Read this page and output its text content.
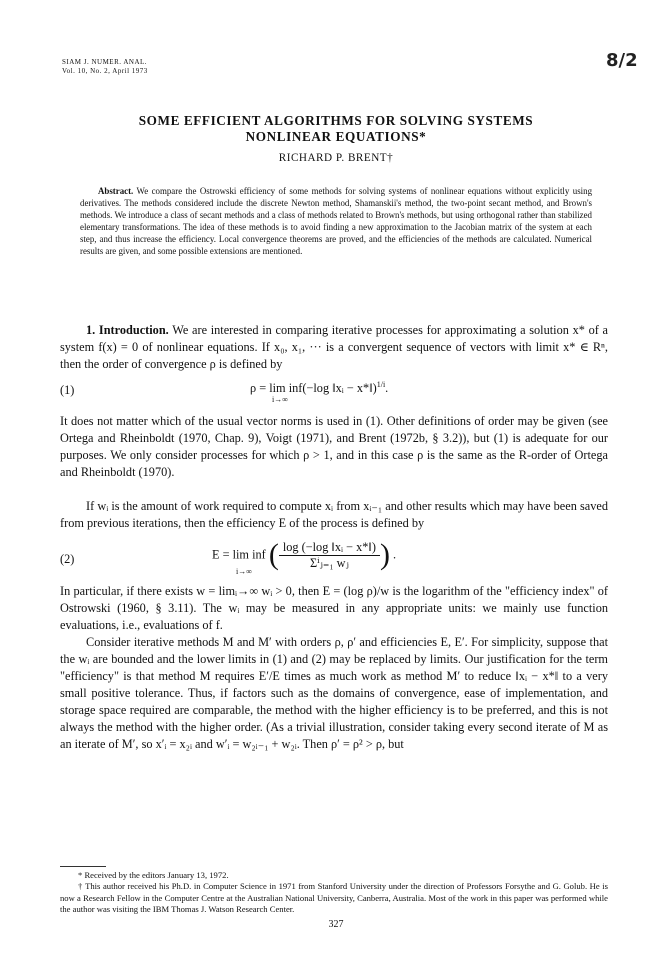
SIAM J. NUMER. ANAL.
Vol. 10, No. 2, April 1973	8/2
SOME EFFICIENT ALGORITHMS FOR SOLVING SYSTEMS
NONLINEAR EQUATIONS*
RICHARD P. BRENT†

Abstract. We compare the Ostrowski efficiency of some methods for solving systems of nonlinear equations without explicitly using derivatives. The methods considered include the discrete Newton method, Shamanskii's method, the two-point secant method, and Brown's methods. We introduce a class of secant methods and a class of methods related to Brown's methods, but using orthogonal rather than stabilized elementary transformations. The idea of these methods is to avoid finding a new approximation to the Jacobian matrix of the system at each step, and thus increase the efficiency. Local convergence theorems are proved, and the efficiencies of the methods are calculated. Numerical results are given, and some possible extensions are mentioned.

1. Introduction. We are interested in comparing iterative processes for approximating a solution x* of a system f(x) = 0 of nonlinear equations. If x₀, x₁, ··· is a convergent sequence of vectors with limit x* ∈ Rⁿ, then the order of convergence ρ is defined by

(1)	ρ = lim inf(−log ‖xᵢ − x*‖)$^{1/i}$.
i→∞

It does not matter which of the usual vector norms is used in (1). Other definitions of order may be given (see Ortega and Rheinboldt (1970, Chap. 9), Voigt (1971), and Brent (1972b, § 3.2)), but (1) is adequate for our purposes. We only consider processes for which ρ > 1, and in this case ρ is the same as the R-order of Ortega and Rheinboldt (1970).

If wᵢ is the amount of work required to compute xᵢ from xᵢ₋₁ and other results which may have been saved from previous iterations, then the efficiency E of the process is defined by

(2)	E = lim inf ( $\frac{\text{log (−log ‖xᵢ − x*‖)}}{\text{Σⁱⱼ₌₁ wⱼ}}$ ) .
i→∞

In particular, if there exists w = limᵢ→∞ wᵢ > 0, then E = (log ρ)/w is the logarithm of the "efficiency index" of Ostrowski (1960, § 3.11). The wᵢ may be measured in any appropriate units: we mainly use function evaluations, i.e., evaluations of f.

Consider iterative methods M and M′ with orders ρ, ρ′ and efficiencies E, E′. For simplicity, suppose that the wᵢ are bounded and the lower limits in (1) and (2) may be replaced by limits. Our justification for the term "efficiency" is that method M requires E′/E times as much work as method M′ to reduce ‖xᵢ − x*‖ to a very small positive tolerance. Thus, if factors such as the domains of convergence, ease of implementation, and storage space required are comparable, the method with the higher efficiency is to be preferred, and this is not always the method with the higher order. (As a trivial illustration, consider taking every second iterate of M as an iterate of M′, so x′ᵢ = x₂ᵢ and w′ᵢ = w₂ᵢ₋₁ + w₂ᵢ. Then ρ′ = ρ² > ρ, but

* Received by the editors January 13, 1972.

† This author received his Ph.D. in Computer Science in 1971 from Stanford University under the direction of Professors Forsythe and G. Golub. He is now a Research Fellow in the Computer Centre at the Australian National University, Canberra, Australia. Most of the work in this paper was performed while the author was visiting the IBM Thomas J. Watson Research Center.

327
